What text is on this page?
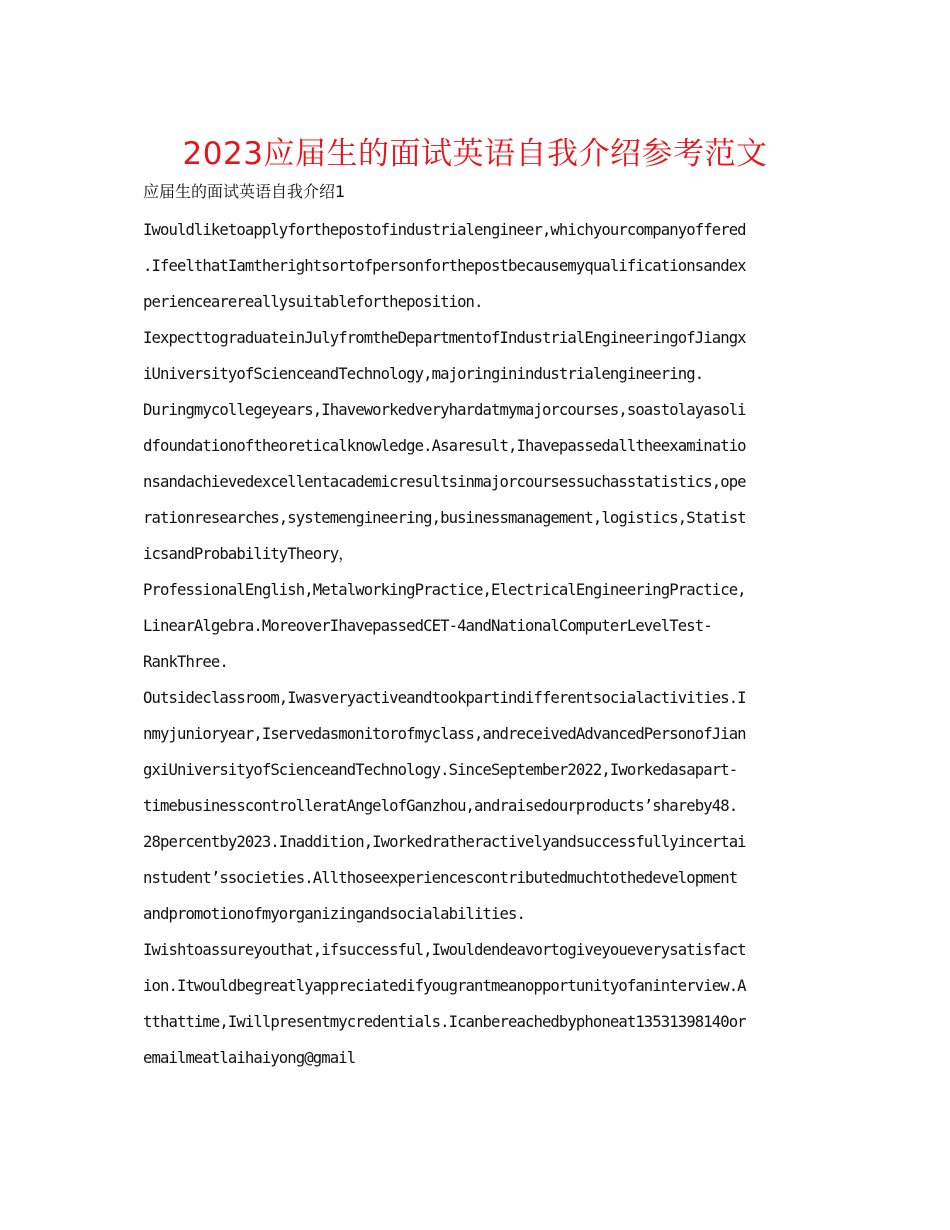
2023应届生的面试英语自我介绍参考范文
应届生的面试英语自我介绍1
Iwouldliketoapplyforthepostofindustrialengineer,whichyourcompanyoffered
.IfeelthatIamtherightsortofpersonforthepostbecausemyqualificationsandex
periencearereallysuitablefortheposition.
IexpecttograduateinJulyfromtheDepartmentofIndustrialEngineeringofJiangx
iUniversityofScienceandTechnology,majoringinindustrialengineering.
Duringmycollegeyears,Ihaveworkedveryhardatmymajorcourses,soastolayasoli
dfoundationoftheoreticalknowledge.Asaresult,Ihavepassedalltheexaminatio
nsandachievedexcellentacademicresultsinmajorcoursessuchasstatistics,ope
rationresearches,systemengineering,businessmanagement,logistics,Statist
icsandProbabilityTheory，
ProfessionalEnglish,MetalworkingPractice,ElectricalEngineeringPractice,
LinearAlgebra.MoreoverIhavepassedCET-4andNationalComputerLevelTest-
RankThree.
Outsideclassroom,Iwasveryactiveandtookpartindifferentsocialactivities.I
nmyjunioryear,Iservedasmonitorofmyclass,andreceivedAdvancedPersonofJian
gxiUniversityofScienceandTechnology.SinceSeptember2022,Iworkedasapart-
timebusinesscontrolleratAngelofGanzhou,andraisedourproducts’shareby48.
28percentby2023.Inaddition,Iworkedratheractivelyandsuccessfullyincertai
nstudent’ssocieties.Allthoseexperiencescontributedmuchtothedevelopment
andpromotionofmyorganizingandsocialabilities.
Iwishtoassureyouthat,ifsuccessful,Iwouldendeavortogiveyoueverysatisfact
ion.Itwouldbegreatlyappreciatedifyougrantmeanopportunityofaninterview.A
tthattime,Iwillpresentmycredentials.Icanbereachedbyphoneat13531398140or
emailmeatlaihaiyong@gmail
